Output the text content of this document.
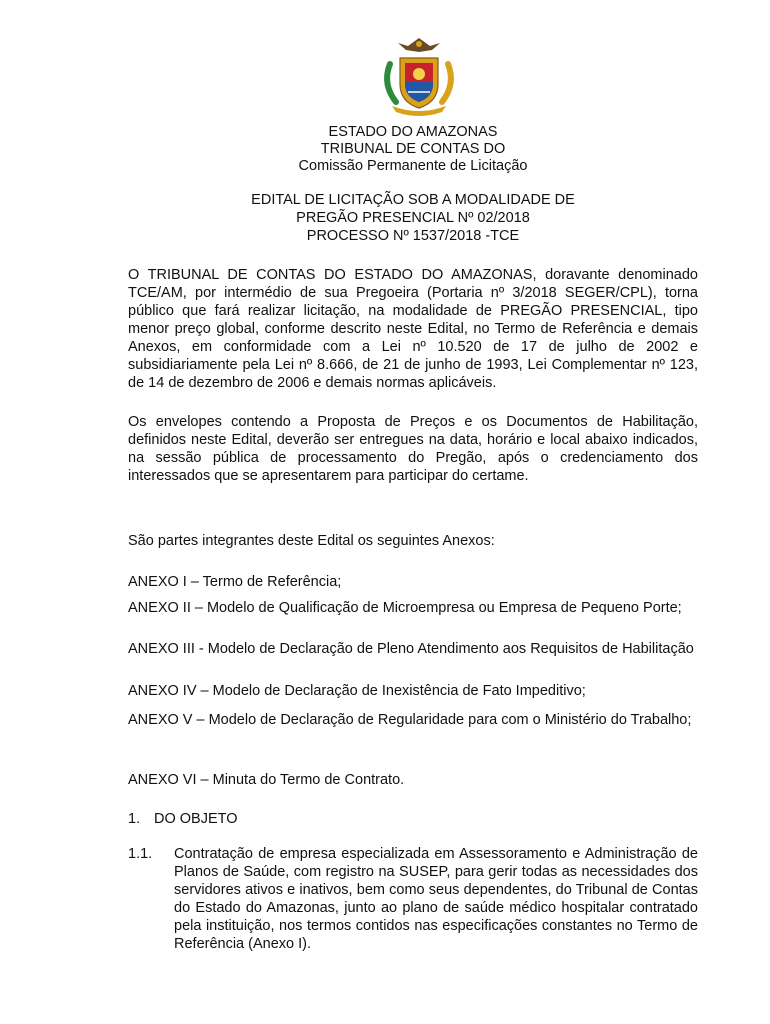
ESTADO DO AMAZONAS
TRIBUNAL DE CONTAS DO
Comissão Permanente de Licitação
EDITAL DE LICITAÇÃO SOB A MODALIDADE DE
PREGÃO PRESENCIAL Nº 02/2018
PROCESSO Nº 1537/2018 -TCE
O TRIBUNAL DE CONTAS DO ESTADO DO AMAZONAS, doravante denominado TCE/AM, por intermédio de sua Pregoeira (Portaria nº 3/2018 SEGER/CPL), torna público que fará realizar licitação, na modalidade de PREGÃO PRESENCIAL, tipo menor preço global, conforme descrito neste Edital, no Termo de Referência e demais Anexos, em conformidade com a Lei nº 10.520 de 17 de julho de 2002 e subsidiariamente pela Lei nº 8.666, de 21 de junho de 1993, Lei Complementar nº 123, de 14 de dezembro de 2006 e demais normas aplicáveis.
Os envelopes contendo a Proposta de Preços e os Documentos de Habilitação, definidos neste Edital, deverão ser entregues na data, horário e local abaixo indicados, na sessão pública de processamento do Pregão, após o credenciamento dos interessados que se apresentarem para participar do certame.
São partes integrantes deste Edital os seguintes Anexos:
ANEXO I – Termo de Referência;
ANEXO II – Modelo de Qualificação de Microempresa ou Empresa de Pequeno Porte;
ANEXO III - Modelo de Declaração de Pleno Atendimento aos Requisitos de Habilitação
ANEXO IV – Modelo de Declaração de Inexistência de Fato Impeditivo;
ANEXO V – Modelo de Declaração de Regularidade para com o Ministério do Trabalho;
ANEXO VI – Minuta do Termo de Contrato.
1. DO OBJETO
1.1. Contratação de empresa especializada em Assessoramento e Administração de Planos de Saúde, com registro na SUSEP, para gerir todas as necessidades dos servidores ativos e inativos, bem como seus dependentes, do Tribunal de Contas do Estado do Amazonas, junto ao plano de saúde médico hospitalar contratado pela instituição, nos termos contidos nas especificações constantes no Termo de Referência (Anexo I).
